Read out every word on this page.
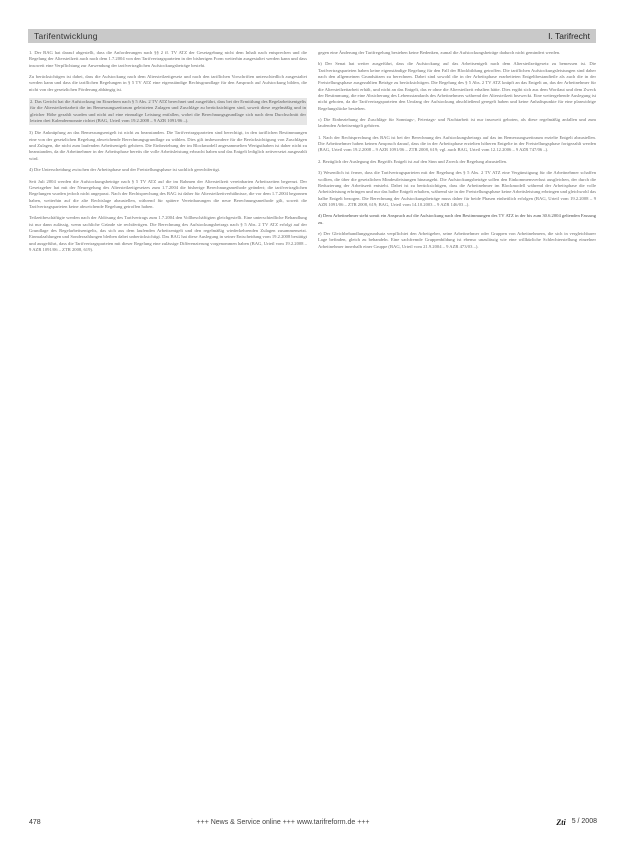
Tarifentwicklung	I. Tarifrecht

1. Der BAG hat darauf abgestellt, dass die Anforderungen nach §§ 2 ff. TV ATZ der Gesetzgebung nicht dem Inhalt nach entsprechen und die Regelung der Altersteilzeit auch nach dem 1.7.2004 von den Tarifvertragsparteien in der bisherigen Form weiterhin ausgestaltet werden kann und dass insoweit eine Verpflichtung zur Anwendung der tarifvertraglichen Aufstockungsbeträge besteht.

Zu berücksichtigen ist dabei, dass die Aufstockung nach dem Altersteilzeitgesetz und nach den tariflichen Vorschriften unterschiedlich ausgestaltet werden kann und dass die tariflichen Regelungen in § 5 TV ATZ eine eigenständige Rechtsgrundlage für den Anspruch auf Aufstockung bilden, die nicht von der gesetzlichen Förderung abhängig ist.

2. Das Gericht hat die Aufstockung im Einzelnen nach § 5 Abs. 2 TV ATZ berechnet und ausgeführt, dass bei der Ermittlung des Regelarbeitsentgelts für die Altersteilzeitarbeit die im Bemessungszeitraum geleisteten Zulagen und Zuschläge zu berücksichtigen sind, soweit diese regelmäßig und in gleicher Höhe gezahlt wurden und nicht auf eine einmalige Leistung entfallen, wobei die Berechnungsgrundlage sich nach dem Durchschnitt der letzten drei Kalendermonate richtet (BAG, Urteil vom 19.2.2008 – 9 AZR 1091/06 –).

3) Die Anknüpfung an das Bemessungsentgelt ist nicht zu beanstanden. Die Tarifvertragsparteien sind berechtigt, in den tariflichen Bestimmungen eine von der gesetzlichen Regelung abweichende Berechnungsgrundlage zu wählen. Dies gilt insbesondere für die Berücksichtigung von Zuschlägen und Zulagen, die nicht zum laufenden Arbeitsentgelt gehören. Die Einbeziehung der im Blockmodell angesammelten Wertguthaben ist daher nicht zu beanstanden, da die Arbeitnehmer in der Arbeitsphase bereits die volle Arbeitsleistung erbracht haben und das Entgelt lediglich zeitversetzt ausgezahlt wird.

4) Die Unterscheidung zwischen der Arbeitsphase und der Freistellungsphase ist sachlich gerechtfertigt.

Seit Juli 2004 werden die Aufstockungsbeträge nach § 5 TV ATZ auf die im Rahmen der Altersteilzeit vereinbarten Arbeitszeiten begrenzt. Der Gesetzgeber hat mit der Neuregelung des Altersteilzeitgesetzes zum 1.7.2004 die bisherige Berechnungsmethode geändert; die tarifvertraglichen Regelungen wurden jedoch nicht angepasst. Nach der Rechtsprechung des BAG ist daher für Altersteilzeitverhältnisse, die vor dem 1.7.2004 begonnen haben, weiterhin auf die alte Rechtslage abzustellen, während für spätere Vereinbarungen die neue Berechnungsmethode gilt, soweit die Tarifvertragsparteien keine abweichende Regelung getroffen haben.

Teilzeitbeschäftigte werden nach der Ablösung des Tarifvertrags zum 1.7.2004 den Vollbeschäftigten gleichgestellt. Eine unterschiedliche Behandlung ist nur dann zulässig, wenn sachliche Gründe sie rechtfertigen. Die Berechnung des Aufstockungsbetrags nach § 5 Abs. 2 TV ATZ erfolgt auf der Grundlage des Regelarbeitsentgelts, das sich aus dem laufenden Arbeitsentgelt und den regelmäßig wiederkehrenden Zulagen zusammensetzt. Einmalzahlungen und Sonderzahlungen bleiben dabei unberücksichtigt. Das BAG hat diese Auslegung in seiner Entscheidung vom 19.2.2008 bestätigt und ausgeführt, dass die Tarifvertragsparteien mit dieser Regelung eine zulässige Differenzierung vorgenommen haben (BAG, Urteil vom 19.2.2008 – 9 AZR 1091/06 – ZTR 2008, 619).

gegen eine Änderung der Tarifregelung bestehen keine Bedenken, zumal die Aufstockungsbeträge dadurch nicht gemindert werden.

b) Der Senat hat weiter ausgeführt, dass die Aufstockung auf das Arbeitsentgelt nach dem Altersteilzeitgesetz zu bemessen ist. Die Tarifvertragsparteien haben keine eigenständige Regelung für den Fall der Blockbildung getroffen. Die tariflichen Aufstockungsleistungen sind daher nach den allgemeinen Grundsätzen zu berechnen. Dabei sind sowohl die in der Arbeitsphase erarbeiteten Entgeltbestandteile als auch die in der Freistellungsphase ausgezahlten Beträge zu berücksichtigen. Die Regelung des § 5 Abs. 2 TV ATZ knüpft an das Entgelt an, das der Arbeitnehmer für die Altersteilzeitarbeit erhält, und nicht an das Entgelt, das er ohne die Altersteilzeit erhalten hätte. Dies ergibt sich aus dem Wortlaut und dem Zweck der Bestimmung, die eine Absicherung des Lebensstandards des Arbeitnehmers während der Altersteilzeit bezweckt. Eine weitergehende Auslegung ist nicht geboten, da die Tarifvertragsparteien den Umfang der Aufstockung abschließend geregelt haben und keine Anhaltspunkte für eine planwidrige Regelungslücke bestehen.

c) Die Einbeziehung der Zuschläge für Sonntags-, Feiertags- und Nachtarbeit ist nur insoweit geboten, als diese regelmäßig anfallen und zum laufenden Arbeitsentgelt gehören.

1. Nach der Rechtsprechung des BAG ist bei der Berechnung des Aufstockungsbetrags auf das im Bemessungszeitraum erzielte Entgelt abzustellen. Die Arbeitnehmer haben keinen Anspruch darauf, dass die in der Arbeitsphase erzielten höheren Entgelte in der Freistellungsphase fortgezahlt werden (BAG, Urteil vom 19.2.2008 – 9 AZR 1091/06 – ZTR 2008, 619; vgl. auch BAG, Urteil vom 12.12.2006 – 9 AZR 747/06 –).

2. Bezüglich der Auslegung des Begriffs Entgelt ist auf den Sinn und Zweck der Regelung abzustellen.

3) Wesentlich ist ferner, dass die Tarifvertragsparteien mit der Regelung des § 5 Abs. 2 TV ATZ eine Vergünstigung für die Arbeitnehmer schaffen wollten, die über die gesetzlichen Mindestleistungen hinausgeht. Die Aufstockungsbeträge sollen den Einkommensverlust ausgleichen, der durch die Reduzierung der Arbeitszeit entsteht. Dabei ist zu berücksichtigen, dass die Arbeitnehmer im Blockmodell während der Arbeitsphase die volle Arbeitsleistung erbringen und nur das halbe Entgelt erhalten, während sie in der Freistellungsphase keine Arbeitsleistung erbringen und gleichwohl das halbe Entgelt bezogen. Die Berechnung der Aufstockungsbeträge muss daher für beide Phasen einheitlich erfolgen (BAG, Urteil vom 19.2.2008 – 9 AZR 1091/06 – ZTR 2008, 619; BAG, Urteil vom 14.10.2003 – 9 AZR 146/03 –).

d) Dem Arbeitnehmer steht somit ein Anspruch auf die Aufstockung nach den Bestimmungen des TV ATZ in der bis zum 30.6.2004 geltenden Fassung zu.

e) Der Gleichbehandlungsgrundsatz verpflichtet den Arbeitgeber, seine Arbeitnehmer oder Gruppen von Arbeitnehmern, die sich in vergleichbarer Lage befinden, gleich zu behandeln. Eine sachfremde Gruppenbildung ist ebenso unzulässig wie eine willkürliche Schlechterstellung einzelner Arbeitnehmer innerhalb einer Gruppe (BAG, Urteil vom 21.9.2004 – 9 AZR 473/03 –).

478	+++ News & Service online +++ www.tarifreform.de +++	Zti 5 / 2008
